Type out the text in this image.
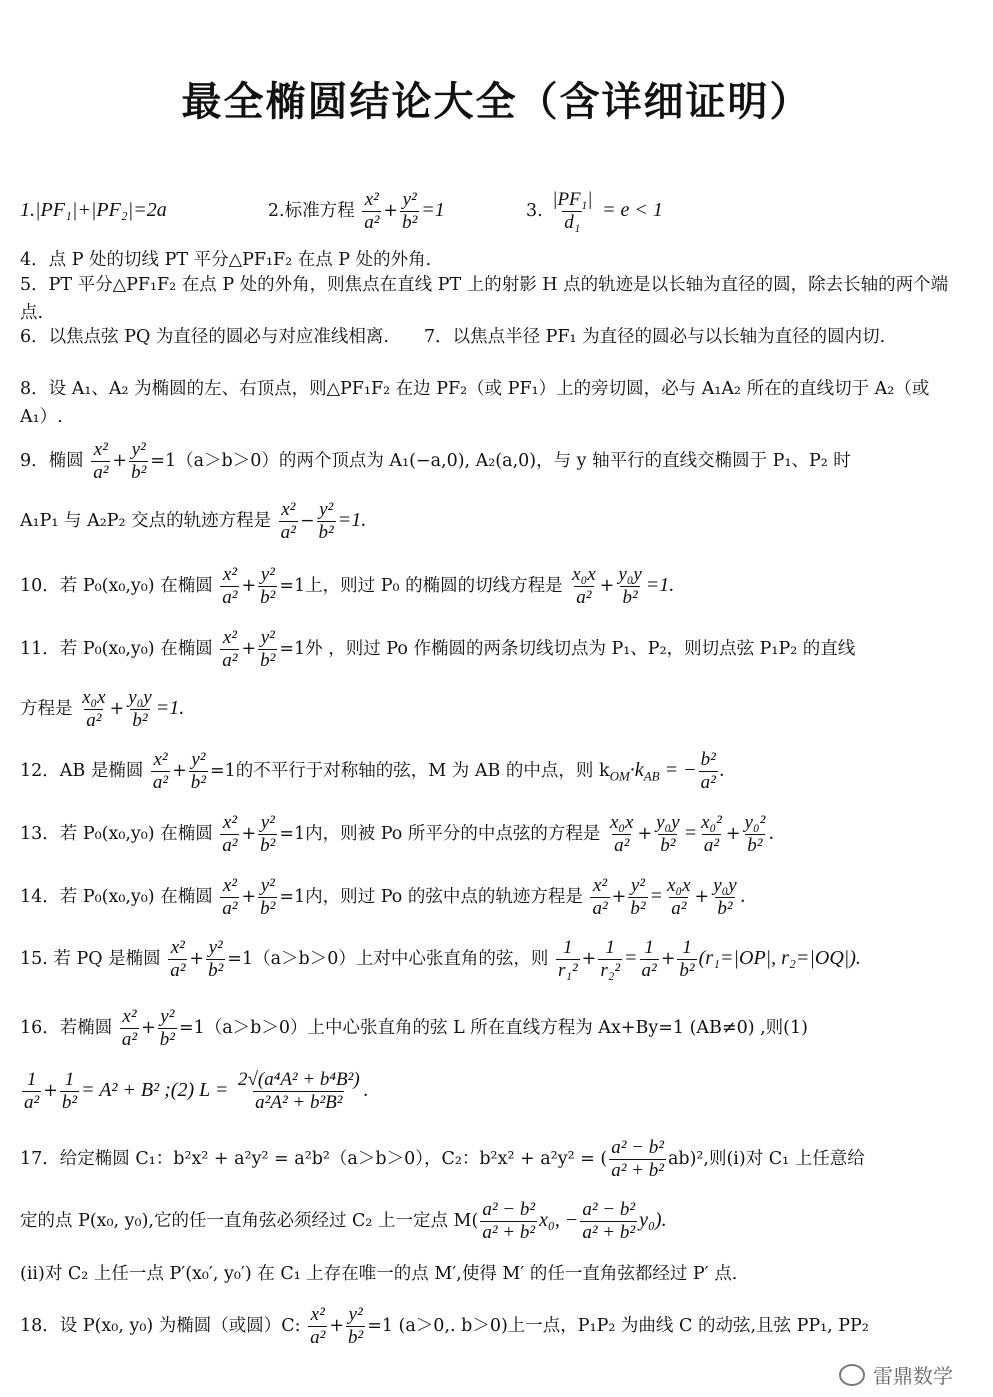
最全椭圆结论大全（含详细证明）
1.|PF₁|+|PF₂|=2a	2.标准方程 $\frac{\text{x²}}{\text{a²}} + \frac{\text{y²}}{\text{b²}} =1$	3. $\frac{\text{|PF₁|}}{\text{d₁}} = e < 1$
4．点 P 处的切线 PT 平分△PF₁F₂ 在点 P 处的外角.
5．PT 平分△PF₁F₂ 在点 P 处的外角，则焦点在直线 PT 上的射影 H 点的轨迹是以长轴为直径的圆，除去长轴的两个端点.
6．以焦点弦 PQ 为直径的圆必与对应准线相离.　　7．以焦点半径 PF₁ 为直径的圆必与以长轴为直径的圆内切.
8．设 A₁、A₂ 为椭圆的左、右顶点，则△PF₁F₂ 在边 PF₂（或 PF₁）上的旁切圆，必与 A₁A₂ 所在的直线切于 A₂（或 A₁）.
9．椭圆 $\frac{\text{x²}}{\text{a²}} + \frac{\text{y²}}{\text{b²}} =1(a>b>0)$的两个顶点为 A₁(−a,0), A₂(a,0)，与 y 轴平行的直线交椭圆于 P₁、P₂ 时
A₁P₁ 与 A₂P₂ 交点的轨迹方程是 $\frac{\text{x²}}{\text{a²}} - \frac{\text{y²}}{\text{b²}} =1$.
10．若 P₀(x₀,y₀) 在椭圆 $\frac{\text{x²}}{\text{a²}} + \frac{\text{y²}}{\text{b²}} =1$上，则过 P₀ 的椭圆的切线方程是 $\frac{\text{x₀x}}{\text{a²}} + \frac{\text{y₀y}}{\text{b²}} =1$.
11．若 P₀(x₀,y₀) 在椭圆 $\frac{\text{x²}}{\text{a²}} + \frac{\text{y²}}{\text{b²}} =1$外 ，则过 Po 作椭圆的两条切线切点为 P₁、P₂，则切点弦 P₁P₂ 的直线
方程是 $\frac{\text{x₀x}}{\text{a²}} + \frac{\text{y₀y}}{\text{b²}} =1$.
12．AB 是椭圆 $\frac{\text{x²}}{\text{a²}} + \frac{\text{y²}}{\text{b²}} =1$的不平行于对称轴的弦，M 为 AB 的中点，则 $k_{OM}\cdot k_{AB}$ = − $\frac{\text{b²}}{\text{a²}}$ .
13．若 P₀(x₀,y₀) 在椭圆 $\frac{\text{x²}}{\text{a²}} + \frac{\text{y²}}{\text{b²}} =1$内，则被 Po 所平分的中点弦的方程是 $\frac{\text{x₀x}}{\text{a²}} + \frac{\text{y₀y}}{\text{b²}} = \frac{\text{x₀²}}{\text{a²}} + \frac{\text{y₀²}}{\text{b²}}$ .
14．若 P₀(x₀,y₀) 在椭圆 $\frac{\text{x²}}{\text{a²}} + \frac{\text{y²}}{\text{b²}} =1$内，则过 Po 的弦中点的轨迹方程是 $\frac{\text{x²}}{\text{a²}} + \frac{\text{y²}}{\text{b²}} = \frac{\text{x₀x}}{\text{a²}} + \frac{\text{y₀y}}{\text{b²}}$ .
15. 若 PQ 是椭圆 $\frac{\text{x²}}{\text{a²}} + \frac{\text{y²}}{\text{b²}} =1(a>b>0)$上对中心张直角的弦，则 $\frac{1}{\text{r₁²}} + \frac{1}{\text{r₂²}} = \frac{1}{\text{a²}} + \frac{1}{\text{b²}} (r_1=|OP|$, r₂=|OQ|).
16．若椭圆 $\frac{\text{x²}}{\text{a²}} + \frac{\text{y²}}{\text{b²}} =1(a>b>0)$上中心张直角的弦 L 所在直线方程为 Ax+By=1 (AB≠0) ,则(1)
$\frac{1}{\text{a²}} + \frac{1}{\text{b²}} = A^2 + B^2$ ;(2) $L = \frac{\text{2√(a⁴A² + b⁴B²)}}{\text{a²A² + b²B²}}$ .
17．给定椭圆 C₁：b²x² + a²y² = a²b²（a＞b＞0），C₂：b²x² + a²y² = ( $\frac{\text{a² − b²}}{\text{a² + b²}} ab)^2$,则(i)对 C₁ 上任意给
定的点 P(x₀, y₀),它的任一直角弦必须经过 C₂ 上一定点 $M( \frac{\text{a² − b²}}{\text{a² + b²}} x_0$, − $\frac{\text{a² − b²}}{\text{a² + b²}} y_0$).
(ii)对 C₂ 上任一点 P′(x₀′, y₀′) 在 C₁ 上存在唯一的点 M′,使得 M′ 的任一直角弦都经过 P′ 点.
18．设 P(x₀, y₀) 为椭圆（或圆）C: $\frac{\text{x²}}{\text{a²}} + \frac{\text{y²}}{\text{b²}} =1$ (a＞0,. b＞0)上一点，P₁P₂ 为曲线 C 的动弦,且弦 PP₁, PP₂
雷鼎数学
